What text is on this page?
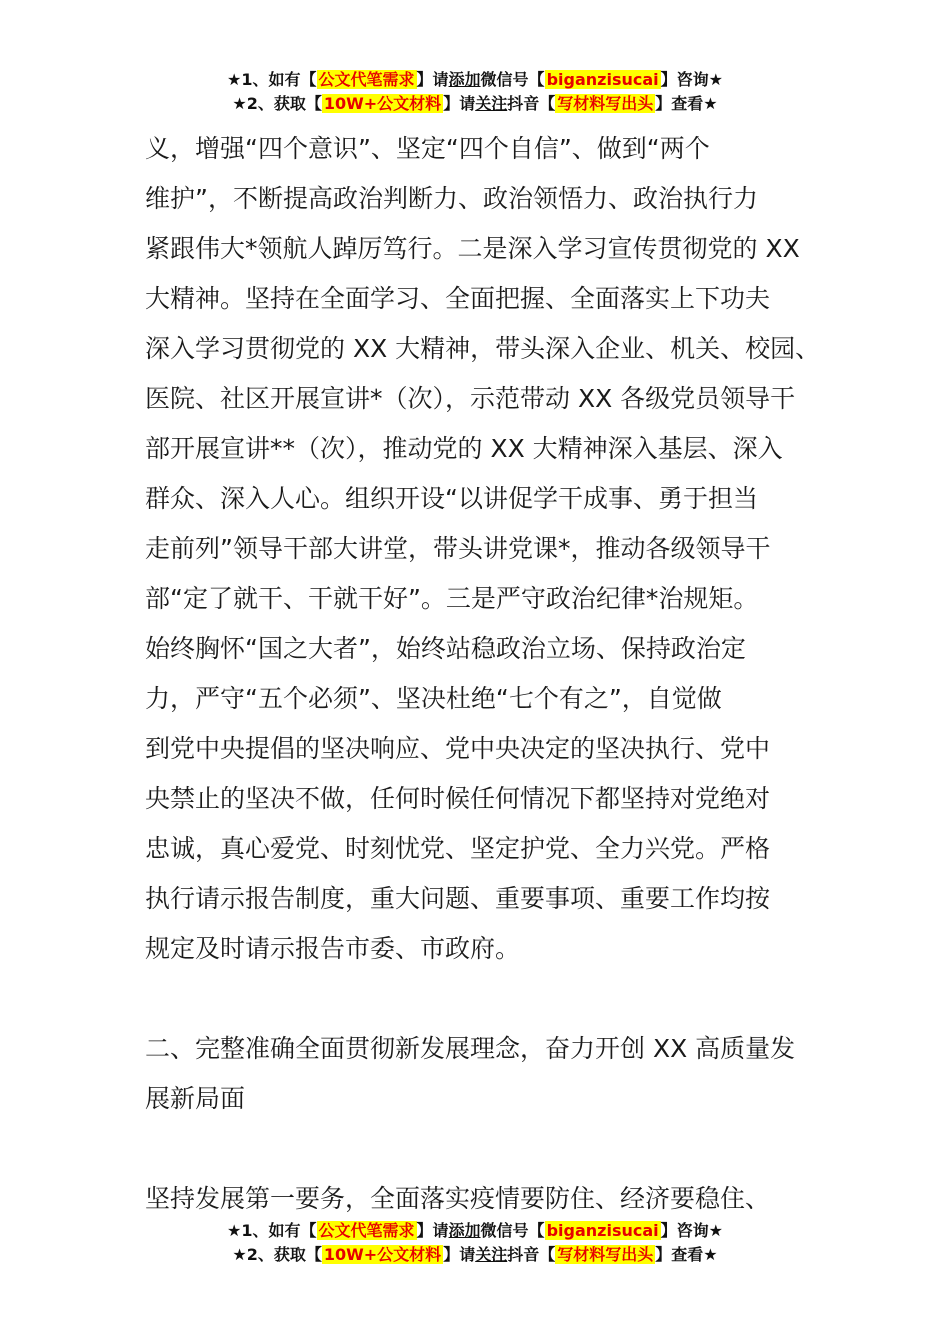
★1、如有【 公文代笔需求 】请添加微信号【 biganzisucai 】咨询★
★2、获取【 10W+公文材料 】请关注抖音【 写材料写出头 】查看★
义，增强“四个意识”、坚定“四个自信”、做到“两个
维护”，不断提高政治判断力、政治领悟力、政治执行力
紧跟伟大*领航人踔厉笃行。二是深入学习宣传贯彻党的 XX
大精神。坚持在全面学习、全面把握、全面落实上下功夫
深入学习贯彻党的 XX 大精神，带头深入企业、机关、校园、
医院、社区开展宣讲*（次），示范带动 XX 各级党员领导干
部开展宣讲**（次），推动党的 XX 大精神深入基层、深入
群众、深入人心。组织开设“以讲促学干成事、勇于担当
走前列”领导干部大讲堂，带头讲党课*，推动各级领导干
部“定了就干、干就干好”。三是严守政治纪律*治规矩。
始终胸怀“国之大者”，始终站稳政治立场、保持政治定
力，严守“五个必须”、坚决杜绝“七个有之”，自觉做
到党中央提倡的坚决响应、党中央决定的坚决执行、党中
央禁止的坚决不做，任何时候任何情况下都坚持对党绝对
忠诚，真心爱党、时刻忧党、坚定护党、全力兴党。严格
执行请示报告制度，重大问题、重要事项、重要工作均按
规定及时请示报告市委、市政府。
二、完整准确全面贯彻新发展理念，奋力开创 XX 高质量发
展新局面
坚持发展第一要务，全面落实疫情要防住、经济要稳住、
★1、如有【 公文代笔需求 】请添加微信号【 biganzisucai 】咨询★
★2、获取【 10W+公文材料 】请关注抖音【 写材料写出头 】查看★
